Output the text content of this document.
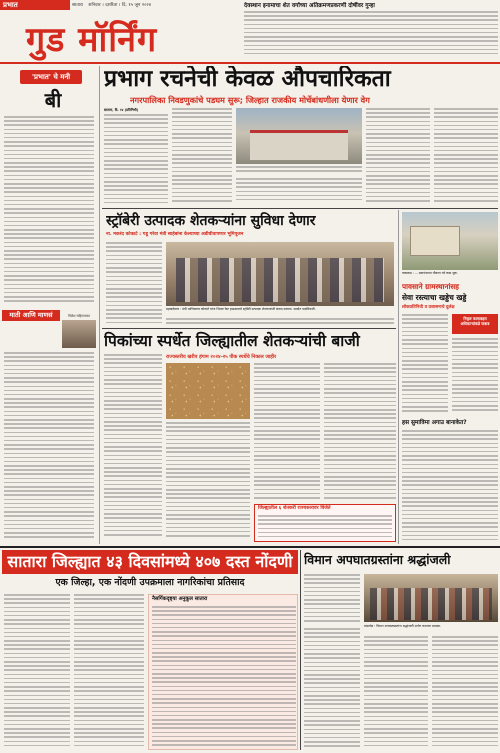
प्रभात	सातारा शनिवार । दशरिता । दि. १५ जून २०२४
गुड मॉर्निंग
देवस्थान इनामाचा शेत वर्गाच्या अतिक्रमणप्रकरणी दोषींवर गुन्हा
'प्रभात' चे मनी
बी
माती आणि माणसं	निलेश महिगावकर
प्रभाग रचनेची केवळ औपचारिकता
नगरपालिका निवडणुकांचे पडघम सुरू; जिल्हात राजकीय मोर्चेबांधणीला येणार वेग
सातारा, दि. १४ (प्रतिनिधी)
स्ट्रॉबेरी उत्पादक शेतकऱ्यांना सुविधा देणार
ना. मकरंद कोकाटे : गडू गरेवा मंत्री साहेबांना केल्याच्या अडीचीवापणार भूमिपूजन
महाबळेश्वर : मंत्री माणिकराव कोकाटे यांना भिलार रेस्ट हाऊसमध्ये स्ट्रॉबेरी उत्पादक शेतकऱ्यांशी संवाद साधला. समवेत पदाधिकारी.
वाकळस : ... ग्रामपंचायत चौकात नवे काम सुरू.
पावसाने ग्रामस्थानांसह
सेवा रस्त्याचा खड्डेच खड्डे
लोकप्रतिनिधी व प्रशासनाचे दुर्लक्ष
निकृष्ट कामाबद्दल अधिकाऱ्यांकडे जबाब
हस सुमाविमा अगाउ बानाकेत?
पिकांच्या स्पर्धेत जिल्ह्यातील शेतकऱ्यांची बाजी
राज्यस्तरीय खरीप हंगाम २०२४-२५ पीक स्पर्धेचे निकाल जाहीर
जिल्ह्यातील ६ शेतकरी राज्यस्तरावर विजेते
सातारा जिल्ह्यात ४३ दिवसांमध्ये ४०७ दस्त नोंदणी
एक जिल्हा, एक नोंदणी उपक्रमाला नागरिकांचा प्रतिसाद
नैसर्गिकदृष्ट्या अनुकूल सातारा
विमान अपघातग्रस्तांना श्रद्धांजली
मांढरदेव : विमान अपघातग्रस्तांना श्रद्धांजली अर्पण करताना ग्रामस्थ.
